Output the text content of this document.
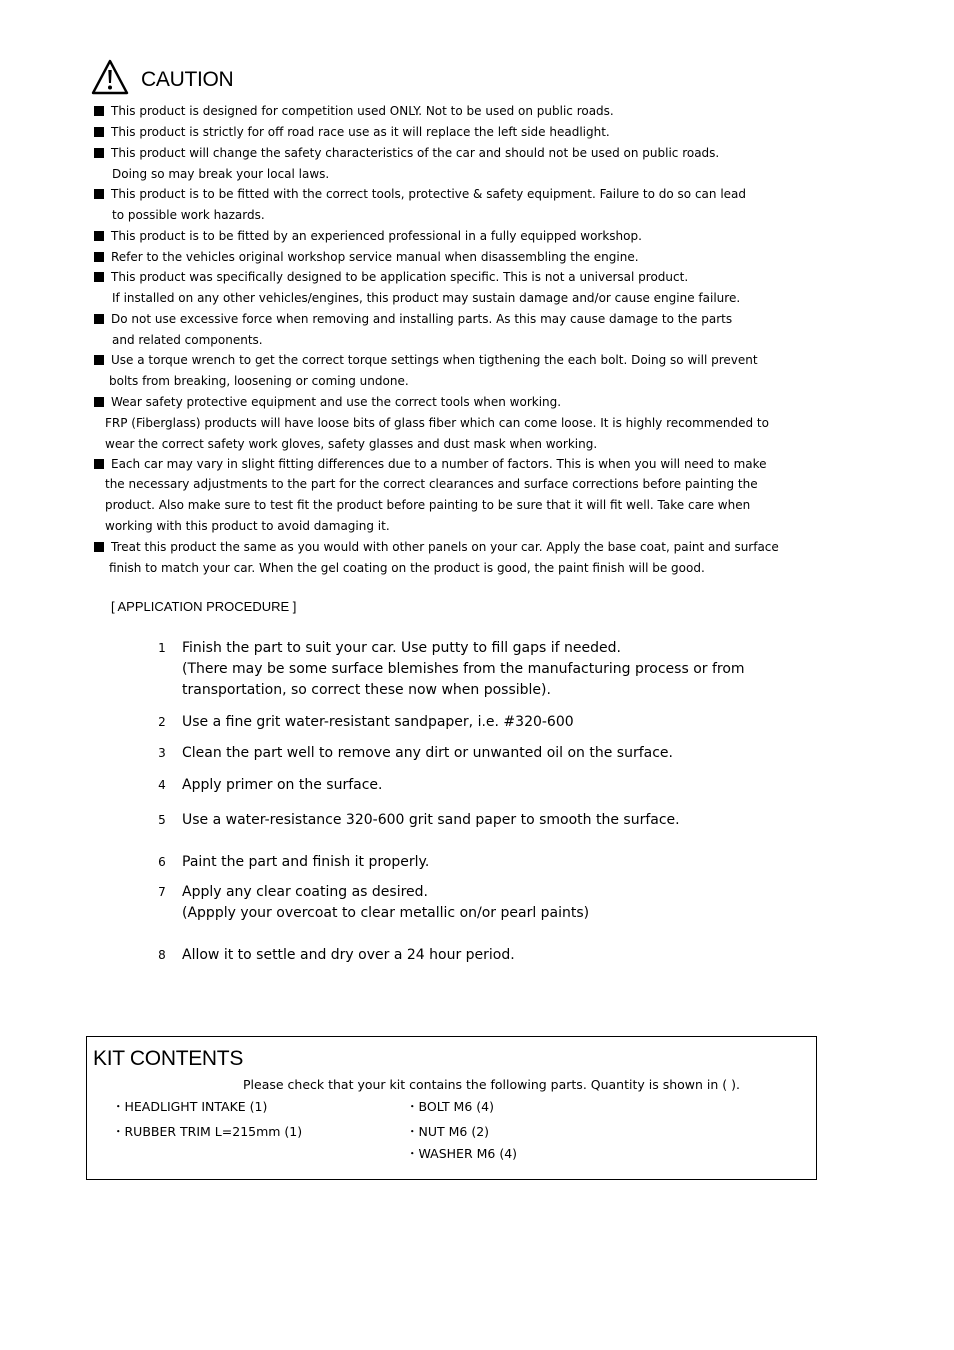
CAUTION
This product is designed for competition used ONLY. Not to be used on public roads.
This product is strictly for off road race use as it will replace the left side headlight.
This product will change the safety characteristics of the car and should not be used on public roads.
Doing so may break your local laws.
This product is to be fitted with the correct tools, protective & safety equipment. Failure to do so can lead
to possible work hazards.
This product is to be fitted by an experienced professional in a fully equipped workshop.
Refer to the vehicles original workshop service manual when disassembling the engine.
This product was specifically designed to be application specific. This is not a universal product.
If installed on any other vehicles/engines, this product may sustain damage and/or cause engine failure.
Do not use excessive force when removing and installing parts. As this may cause damage to the parts
and related components.
Use a torque wrench to get the correct torque settings when tigthening the each bolt. Doing so will prevent
bolts from breaking, loosening or coming undone.
Wear safety protective equipment and use the correct tools when working.
FRP (Fiberglass) products will have loose bits of glass fiber which can come loose. It is highly recommended to
wear the correct safety work gloves, safety glasses and dust mask when working.
Each car may vary in slight fitting differences due to a number of factors. This is when you will need to make
the necessary adjustments to the part for the correct clearances and surface corrections before painting the
product. Also make sure to test fit the product before painting to be sure that it will fit well. Take care when
working with this product to avoid damaging it.
Treat this product the same as you would with other panels on your car. Apply the base coat, paint and surface
finish to match your car. When the gel coating on the product is good, the paint finish will be good.
[ APPLICATION PROCEDURE ]
1 Finish the part to suit your car. Use putty to fill gaps if needed.
(There may be some surface blemishes from the manufacturing process or from
transportation, so correct these now when possible).
2 Use a fine grit water-resistant sandpaper, i.e. #320-600
3 Clean the part well to remove any dirt or unwanted oil on the surface.
4 Apply primer on the surface.
5 Use a water-resistance 320-600 grit sand paper to smooth the surface.
6 Paint the part and finish it properly.
7 Apply any clear coating as desired.
(Appply your overcoat to clear metallic on/or pearl paints)
8 Allow it to settle and dry over a 24 hour period.
KIT CONTENTS
Please check that your kit contains the following parts. Quantity is shown in ( ).
・HEADLIGHT INTAKE (1)
・RUBBER TRIM L=215mm (1)
・BOLT M6 (4)
・NUT M6 (2)
・WASHER M6 (4)
